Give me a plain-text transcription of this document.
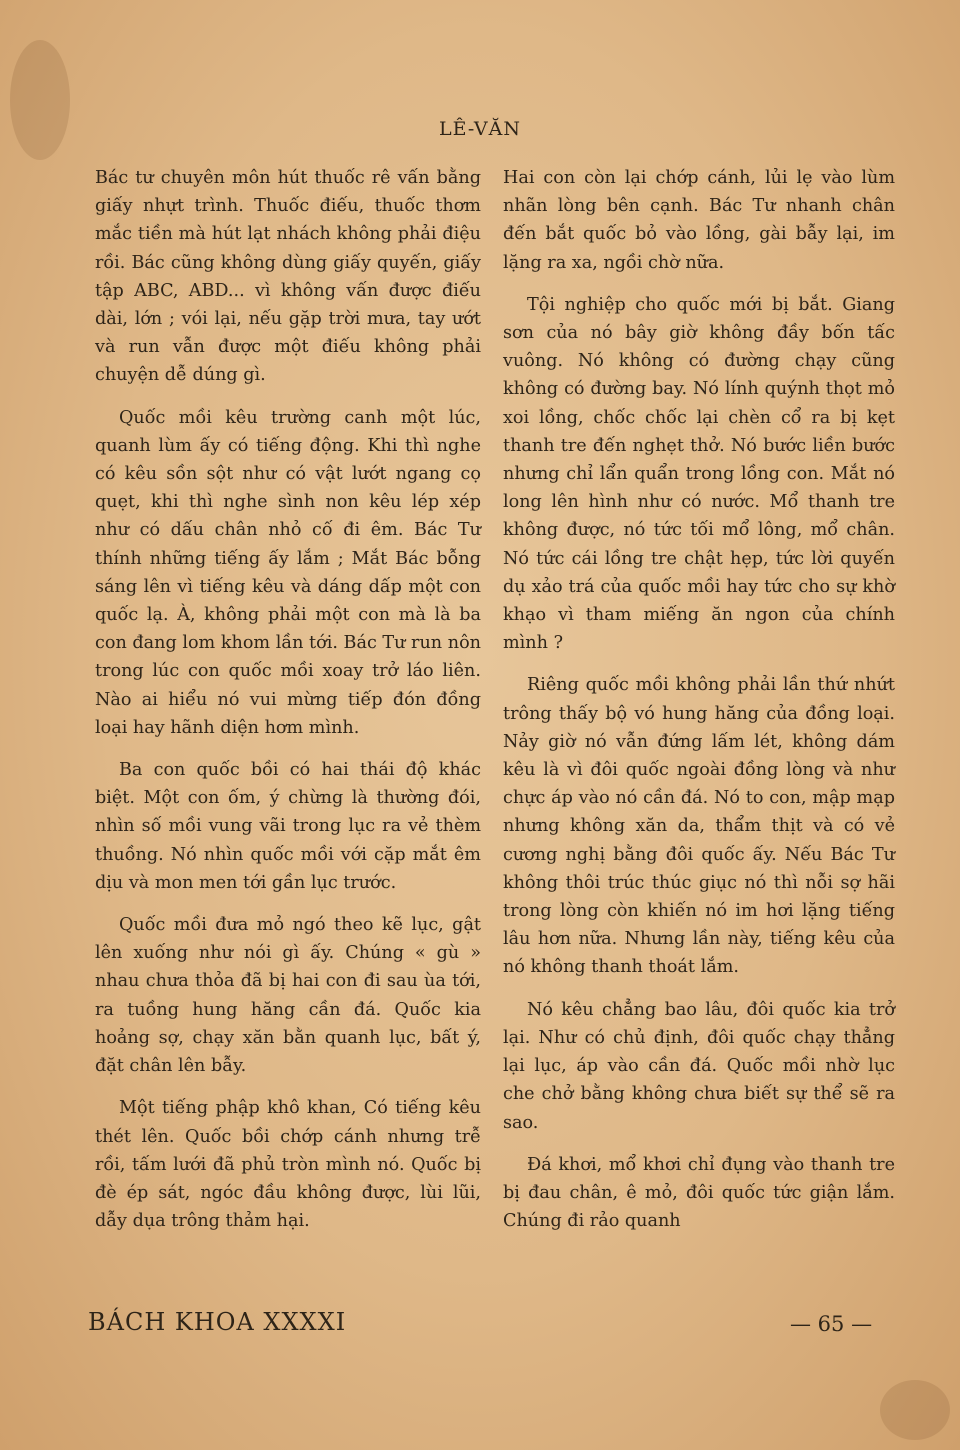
LÊ-VĂN

Bác tư chuyên môn hút thuốc rê vấn bằng giấy nhựt trình. Thuốc điếu, thuốc thơm mắc tiền mà hút lạt nhách không phải điệu rồi. Bác cũng không dùng giấy quyến, giấy tập ABC, ABD... vì không vấn được điếu dài, lớn ; vói lại, nếu gặp trời mưa, tay ướt và run vẫn được một điếu không phải chuyện dễ dúng gì.

Quốc mồi kêu trường canh một lúc, quanh lùm ấy có tiếng động. Khi thì nghe có kêu sồn sột như có vật lướt ngang cọ quẹt, khi thì nghe sình non kêu lép xép như có dấu chân nhỏ cố đi êm. Bác Tư thính những tiếng ấy lắm ; Mắt Bác bỗng sáng lên vì tiếng kêu và dáng dấp một con quốc lạ. À, không phải một con mà là ba con đang lom khom lần tới. Bác Tư run nôn trong lúc con quốc mồi xoay trở láo liên. Nào ai hiểu nó vui mừng tiếp đón đồng loại hay hãnh diện hơm mình.

Ba con quốc bồi có hai thái độ khác biệt. Một con ốm, ý chừng là thường đói, nhìn số mồi vung vãi trong lục ra vẻ thèm thuồng. Nó nhìn quốc mồi với cặp mắt êm dịu và mon men tới gần lục trước.

Quốc mồi đưa mỏ ngó theo kẽ lục, gật lên xuống như nói gì ấy. Chúng « gù » nhau chưa thỏa đã bị hai con đi sau ùa tới, ra tuồng hung hăng cần đá. Quốc kia hoảng sợ, chạy xăn bằn quanh lục, bất ý, đặt chân lên bẫy.

Một tiếng phập khô khan, Có tiếng kêu thét lên. Quốc bồi chớp cánh nhưng trễ rồi, tấm lưới đã phủ tròn mình nó. Quốc bị đè ép sát, ngóc đầu không được, lùi lũi, dẫy dụa trông thảm hại.

Hai con còn lại chớp cánh, lủi lẹ vào lùm nhãn lòng bên cạnh. Bác Tư nhanh chân đến bắt quốc bỏ vào lồng, gài bẫy lại, im lặng ra xa, ngồi chờ nữa.

Tội nghiệp cho quốc mới bị bắt. Giang sơn của nó bây giờ không đầy bốn tấc vuông. Nó không có đường chạy cũng không có đường bay. Nó lính quýnh thọt mỏ xoi lồng, chốc chốc lại chèn cổ ra bị kẹt thanh tre đến nghẹt thở. Nó bước liền bước nhưng chỉ lẩn quẩn trong lồng con. Mắt nó long lên hình như có nước. Mổ thanh tre không được, nó tức tối mổ lông, mổ chân. Nó tức cái lồng tre chật hẹp, tức lời quyến dụ xảo trá của quốc mồi hay tức cho sự khờ khạo vì tham miếng ăn ngon của chính mình ?

Riêng quốc mồi không phải lần thứ nhứt trông thấy bộ vó hung hăng của đồng loại. Nảy giờ nó vẫn đứng lấm lét, không dám kêu là vì đôi quốc ngoài đồng lòng và như chực áp vào nó cần đá. Nó to con, mập mạp nhưng không xăn da, thẩm thịt và có vẻ cương nghị bằng đôi quốc ấy. Nếu Bác Tư không thôi trúc thúc giục nó thì nỗi sợ hãi trong lòng còn khiến nó im hơi lặng tiếng lâu hơn nữa. Nhưng lần này, tiếng kêu của nó không thanh thoát lắm.

Nó kêu chẳng bao lâu, đôi quốc kia trở lại. Như có chủ định, đôi quốc chạy thẳng lại lục, áp vào cần đá. Quốc mồi nhờ lục che chở bằng không chưa biết sự thể sẽ ra sao.

Đá khơi, mổ khơi chỉ đụng vào thanh tre bị đau chân, ê mỏ, đôi quốc tức giận lắm. Chúng đi rảo quanh

BÁCH KHOA XXXXI	— 65 —
